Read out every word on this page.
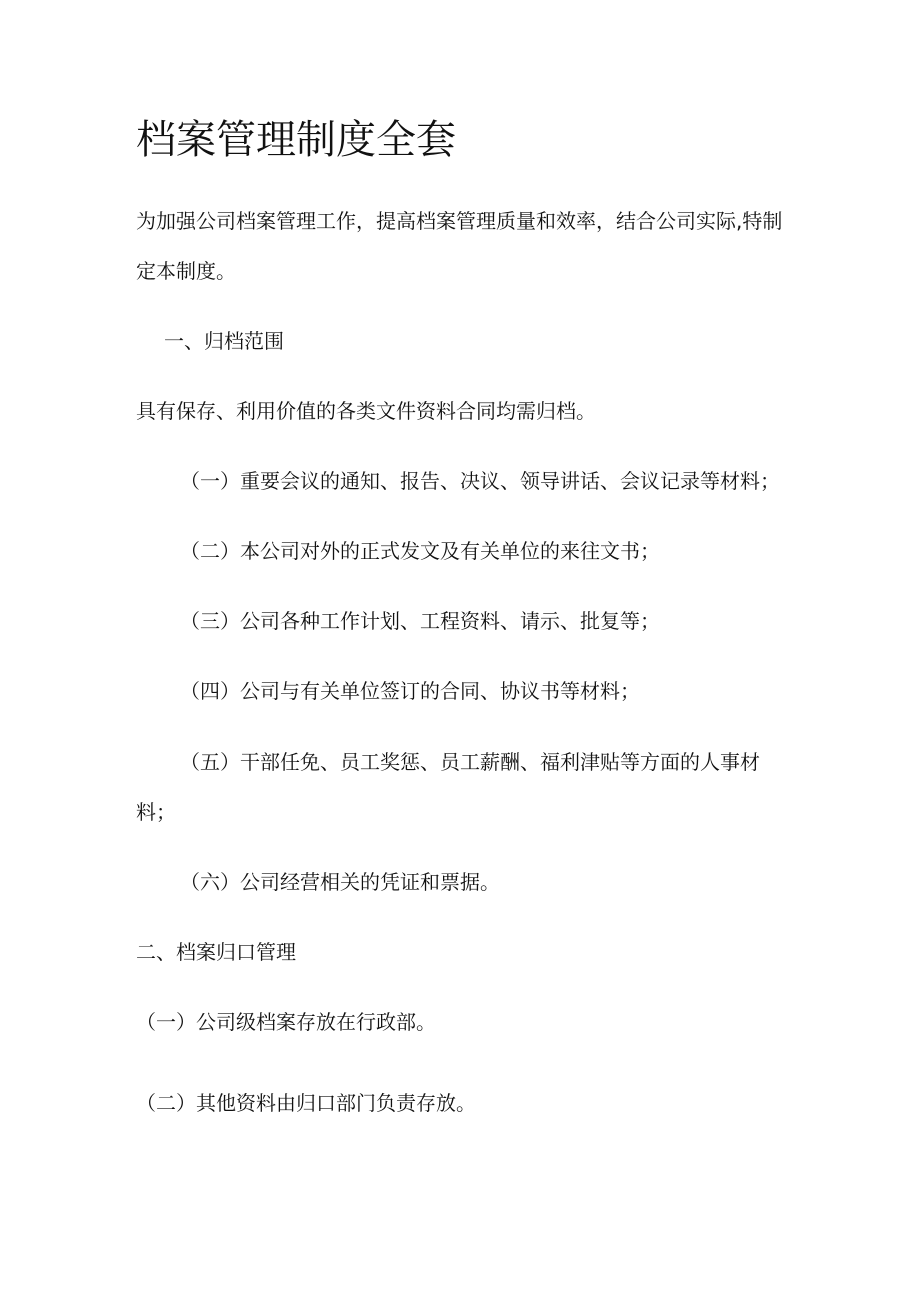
档案管理制度全套
为加强公司档案管理工作，提高档案管理质量和效率，结合公司实际,特制
定本制度。
一、归档范围
具有保存、利用价值的各类文件资料合同均需归档。
（一）重要会议的通知、报告、决议、领导讲话、会议记录等材料；
（二）本公司对外的正式发文及有关单位的来往文书；
（三）公司各种工作计划、工程资料、请示、批复等；
（四）公司与有关单位签订的合同、协议书等材料；
（五）干部任免、员工奖惩、员工薪酬、福利津贴等方面的人事材
料；
（六）公司经营相关的凭证和票据。
二、档案归口管理
（一）公司级档案存放在行政部。
（二）其他资料由归口部门负责存放。
